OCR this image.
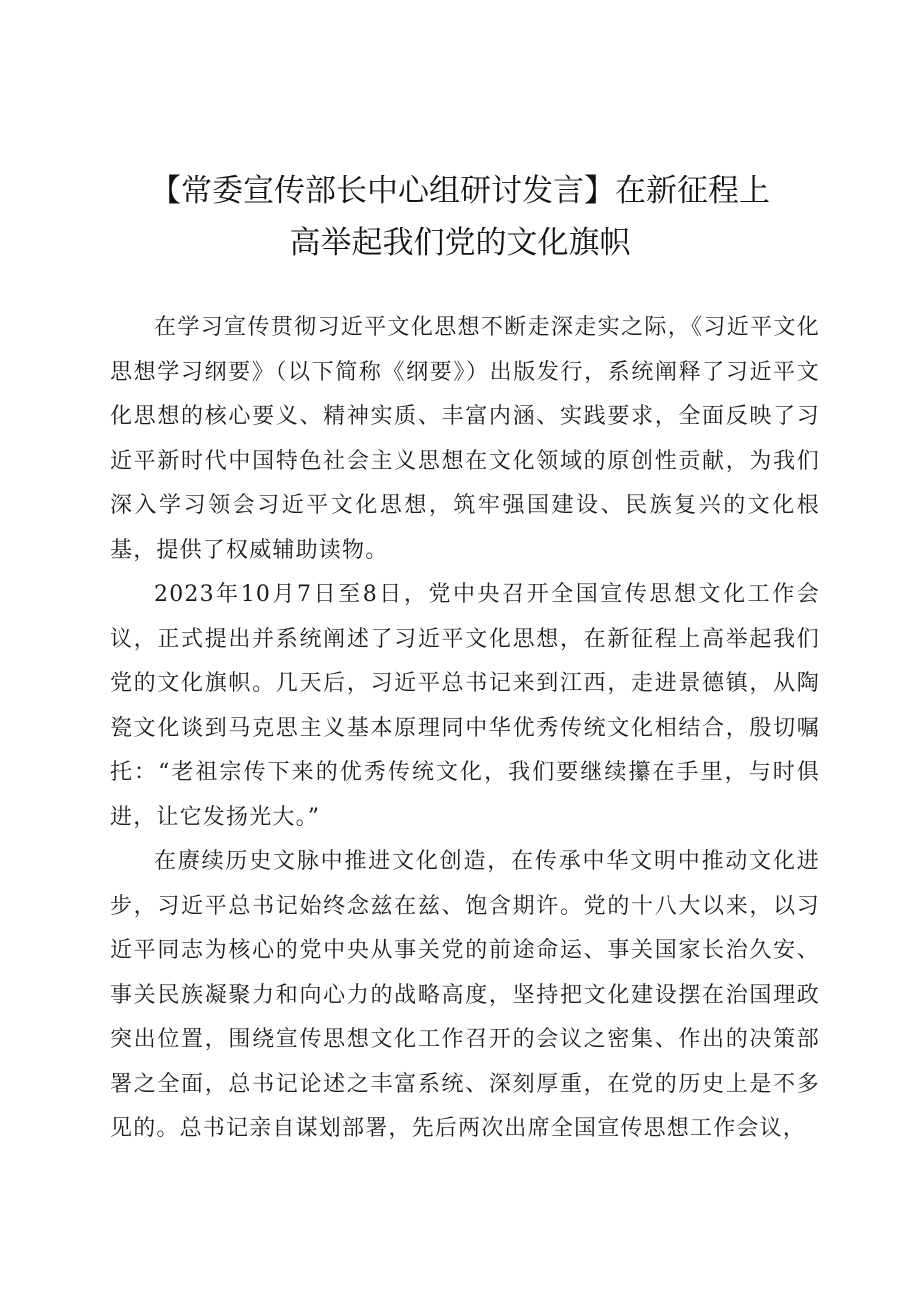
【常委宣传部长中心组研讨发言】在新征程上
高举起我们党的文化旗帜

在学习宣传贯彻习近平文化思想不断走深走实之际，《习近平文化思想学习纲要》（以下简称《纲要》）出版发行，系统阐释了习近平文化思想的核心要义、精神实质、丰富内涵、实践要求，全面反映了习近平新时代中国特色社会主义思想在文化领域的原创性贡献，为我们深入学习领会习近平文化思想，筑牢强国建设、民族复兴的文化根基，提供了权威辅助读物。

2023年10月7日至8日，党中央召开全国宣传思想文化工作会议，正式提出并系统阐述了习近平文化思想，在新征程上高举起我们党的文化旗帜。几天后，习近平总书记来到江西，走进景德镇，从陶瓷文化谈到马克思主义基本原理同中华优秀传统文化相结合，殷切嘱托：“老祖宗传下来的优秀传统文化，我们要继续攥在手里，与时俱进，让它发扬光大。”

在赓续历史文脉中推进文化创造，在传承中华文明中推动文化进步，习近平总书记始终念兹在兹、饱含期许。党的十八大以来，以习近平同志为核心的党中央从事关党的前途命运、事关国家长治久安、事关民族凝聚力和向心力的战略高度，坚持把文化建设摆在治国理政突出位置，围绕宣传思想文化工作召开的会议之密集、作出的决策部署之全面，总书记论述之丰富系统、深刻厚重，在党的历史上是不多见的。总书记亲自谋划部署，先后两次出席全国宣传思想工作会议，
